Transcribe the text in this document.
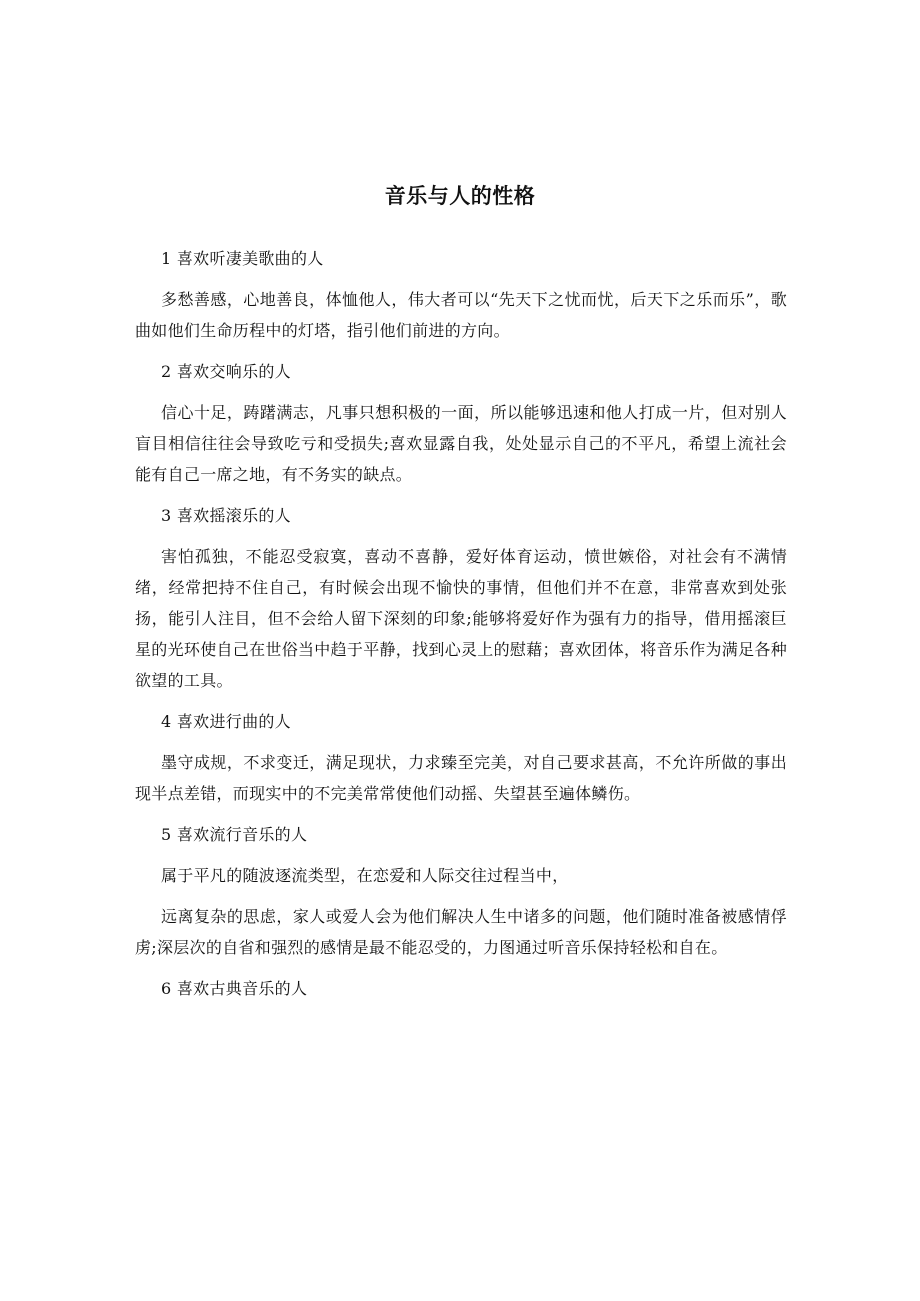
音乐与人的性格
1 喜欢听凄美歌曲的人
多愁善感，心地善良，体恤他人，伟大者可以“先天下之忧而忧，后天下之乐而乐”，歌曲如他们生命历程中的灯塔，指引他们前进的方向。
2 喜欢交响乐的人
信心十足，踌躇满志，凡事只想积极的一面，所以能够迅速和他人打成一片，但对别人盲目相信往往会导致吃亏和受损失;喜欢显露自我，处处显示自己的不平凡，希望上流社会能有自己一席之地，有不务实的缺点。
3 喜欢摇滚乐的人
害怕孤独，不能忍受寂寞，喜动不喜静，爱好体育运动，愤世嫉俗，对社会有不满情绪，经常把持不住自己，有时候会出现不愉快的事情，但他们并不在意，非常喜欢到处张扬，能引人注目，但不会给人留下深刻的印象;能够将爱好作为强有力的指导，借用摇滚巨星的光环使自己在世俗当中趋于平静，找到心灵上的慰藉；喜欢团体，将音乐作为满足各种欲望的工具。
4 喜欢进行曲的人
墨守成规，不求变迁，满足现状，力求臻至完美，对自己要求甚高，不允许所做的事出现半点差错，而现实中的不完美常常使他们动摇、失望甚至遍体鳞伤。
5 喜欢流行音乐的人
属于平凡的随波逐流类型，在恋爱和人际交往过程当中，
远离复杂的思虑，家人或爱人会为他们解决人生中诸多的问题，他们随时准备被感情俘虏;深层次的自省和强烈的感情是最不能忍受的，力图通过听音乐保持轻松和自在。
6 喜欢古典音乐的人
